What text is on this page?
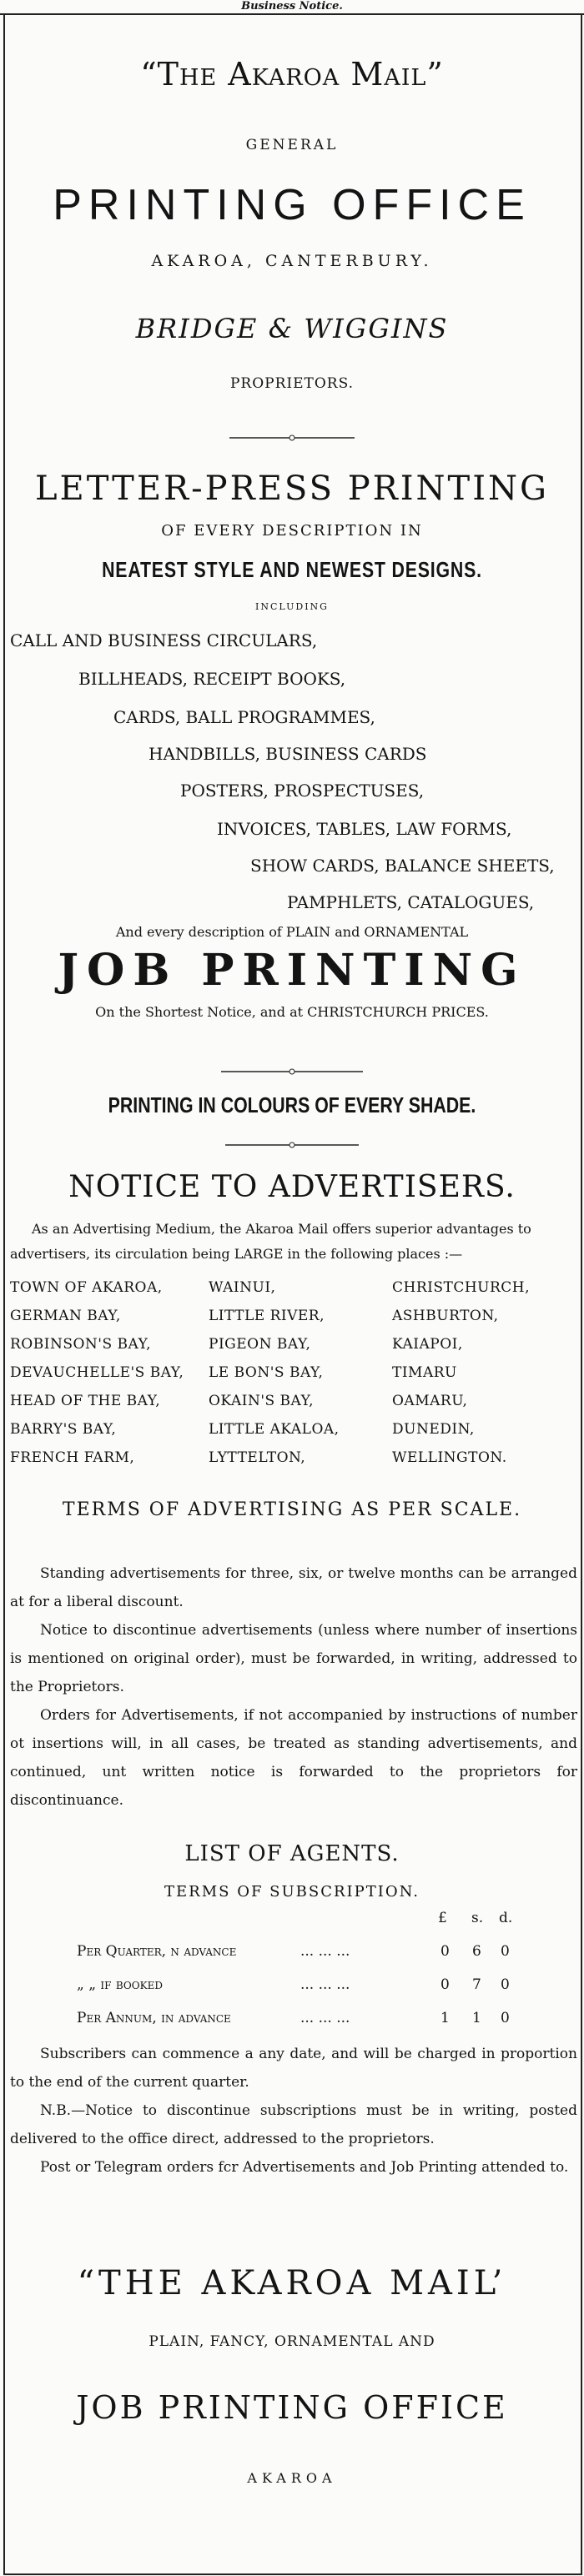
Business Notice.
“The Akaroa Mail”
GENERAL
PRINTING OFFICE
AKAROA, CANTERBURY.
BRIDGE & WIGGINS
PROPRIETORS.
LETTER-PRESS PRINTING
OF EVERY DESCRIPTION IN
NEATEST STYLE AND NEWEST DESIGNS.
INCLUDING
CALL AND BUSINESS CIRCULARS,
BILLHEADS, RECEIPT BOOKS,
CARDS, BALL PROGRAMMES,
HANDBILLS, BUSINESS CARDS
POSTERS, PROSPECTUSES,
INVOICES, TABLES, LAW FORMS,
SHOW CARDS, BALANCE SHEETS,
PAMPHLETS, CATALOGUES,
And every description of PLAIN and ORNAMENTAL
JOB PRINTING
On the Shortest Notice, and at CHRISTCHURCH PRICES.
PRINTING IN COLOURS OF EVERY SHADE.
NOTICE TO ADVERTISERS.
As an Advertising Medium, the Akaroa Mail offers superior advantages to
advertisers, its circulation being LARGE in the following places :—
TOWN OF AKAROA,	WAINUI,	CHRISTCHURCH,
GERMAN BAY,	LITTLE RIVER,	ASHBURTON,
ROBINSON'S BAY,	PIGEON BAY,	KAIAPOI,
DEVAUCHELLE'S BAY, LE BON'S BAY,	TIMARU
HEAD OF THE BAY,	OKAIN'S BAY,	OAMARU,
BARRY'S BAY,	LITTLE AKALOA,	DUNEDIN,
FRENCH FARM,	LYTTELTON,	WELLINGTON.
TERMS OF ADVERTISING AS PER SCALE.

Standing advertisements for three, six, or twelve months can be arranged at for a liberal discount.

Notice to discontinue advertisements (unless where number of insertions is mentioned on original order), must be forwarded, in writing, addressed to the Proprietors.

Orders for Advertisements, if not accompanied by instructions of number ot insertions will, in all cases, be treated as standing advertisements, and continued, unt written notice is forwarded to the proprietors for discontinuance.

LIST OF AGENTS.
TERMS OF SUBSCRIPTION.
£ s. d.
Per Quarter, n advance	... ... ...	0 6 0
„ „ if booked	... ... ...	0 7 0
Per Annum, in advance	... ... ...	1 1 0

Subscribers can commence a any date, and will be charged in proportion to the end of the current quarter.

N.B.—Notice to discontinue subscriptions must be in writing, posted delivered to the office direct, addressed to the proprietors.

Post or Telegram orders fcr Advertisements and Job Printing attended to.

“THE AKAROA MAIL’
PLAIN, FANCY, ORNAMENTAL AND
JOB PRINTING OFFICE
AKAROA
